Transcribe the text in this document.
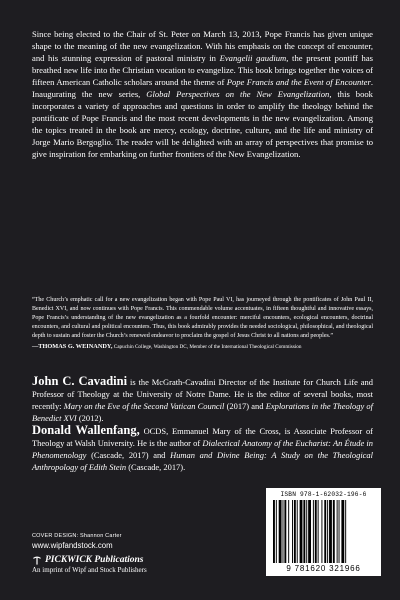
Since being elected to the Chair of St. Peter on March 13, 2013, Pope Francis has given unique shape to the meaning of the new evangelization. With his emphasis on the concept of encounter, and his stunning expression of pastoral ministry in Evangelii gaudium, the present pontiff has breathed new life into the Christian vocation to evangelize. This book brings together the voices of fifteen American Catholic scholars around the theme of Pope Francis and the Event of Encounter. Inaugurating the new series, Global Perspectives on the New Evangelization, this book incorporates a variety of approaches and questions in order to amplify the theology behind the pontificate of Pope Francis and the most recent developments in the new evangelization. Among the topics treated in the book are mercy, ecology, doctrine, culture, and the life and ministry of Jorge Mario Bergoglio. The reader will be delighted with an array of perspectives that promise to give inspiration for embarking on further frontiers of the New Evangelization.

“The Church’s emphatic call for a new evangelization began with Pope Paul VI, has journeyed through the pontificates of John Paul II, Benedict XVI, and now continues with Pope Francis. This commendable volume accentuates, in fifteen thoughtful and innovative essays, Pope Francis’s understanding of the new evangelization as a fourfold encounter: merciful encounters, ecological encounters, doctrinal encounters, and cultural and political encounters. Thus, this book admirably provides the needed sociological, philosophical, and theological depth to sustain and foster the Church’s renewed endeavor to proclaim the gospel of Jesus Christ to all nations and peoples.”
—THOMAS G. WEINANDY, Capuchin College, Washington DC, Member of the International Theological Commission

John C. Cavadini is the McGrath-Cavadini Director of the Institute for Church Life and Professor of Theology at the University of Notre Dame. He is the editor of several books, most recently: Mary on the Eve of the Second Vatican Council (2017) and Explorations in the Theology of Benedict XVI (2012).

Donald Wallenfang, OCDS, Emmanuel Mary of the Cross, is Associate Professor of Theology at Walsh University. He is the author of Dialectical Anatomy of the Eucharist: An Étude in Phenomenology (Cascade, 2017) and Human and Divine Being: A Study on the Theological Anthropology of Edith Stein (Cascade, 2017).

COVER DESIGN: Shannon Carter
www.wipfandstock.com
PICKWICK Publications
An imprint of Wipf and Stock Publishers
ISBN 978-1-62032-196-6
9 781620 321966
